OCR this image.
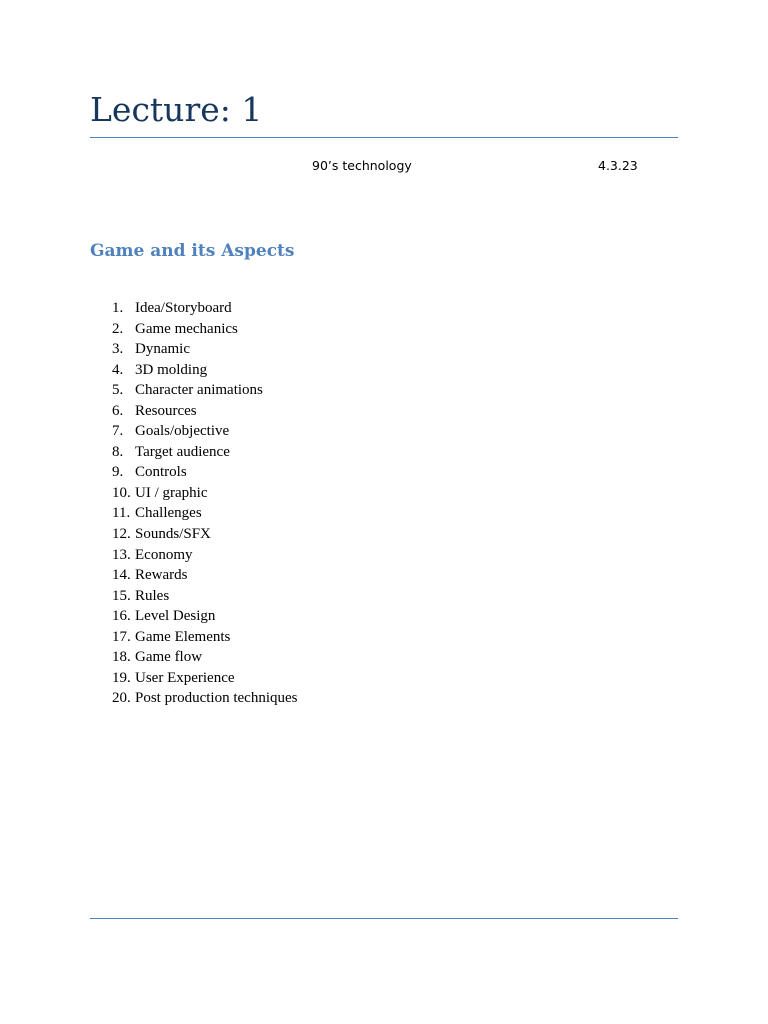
Lecture: 1
90’s technology	4.3.23
Game and its Aspects
1. Idea/Storyboard
2. Game mechanics
3. Dynamic
4. 3D molding
5. Character animations
6. Resources
7. Goals/objective
8. Target audience
9. Controls
10. UI / graphic
11. Challenges
12. Sounds/SFX
13. Economy
14. Rewards
15. Rules
16. Level Design
17. Game Elements
18. Game flow
19. User Experience
20. Post production techniques
